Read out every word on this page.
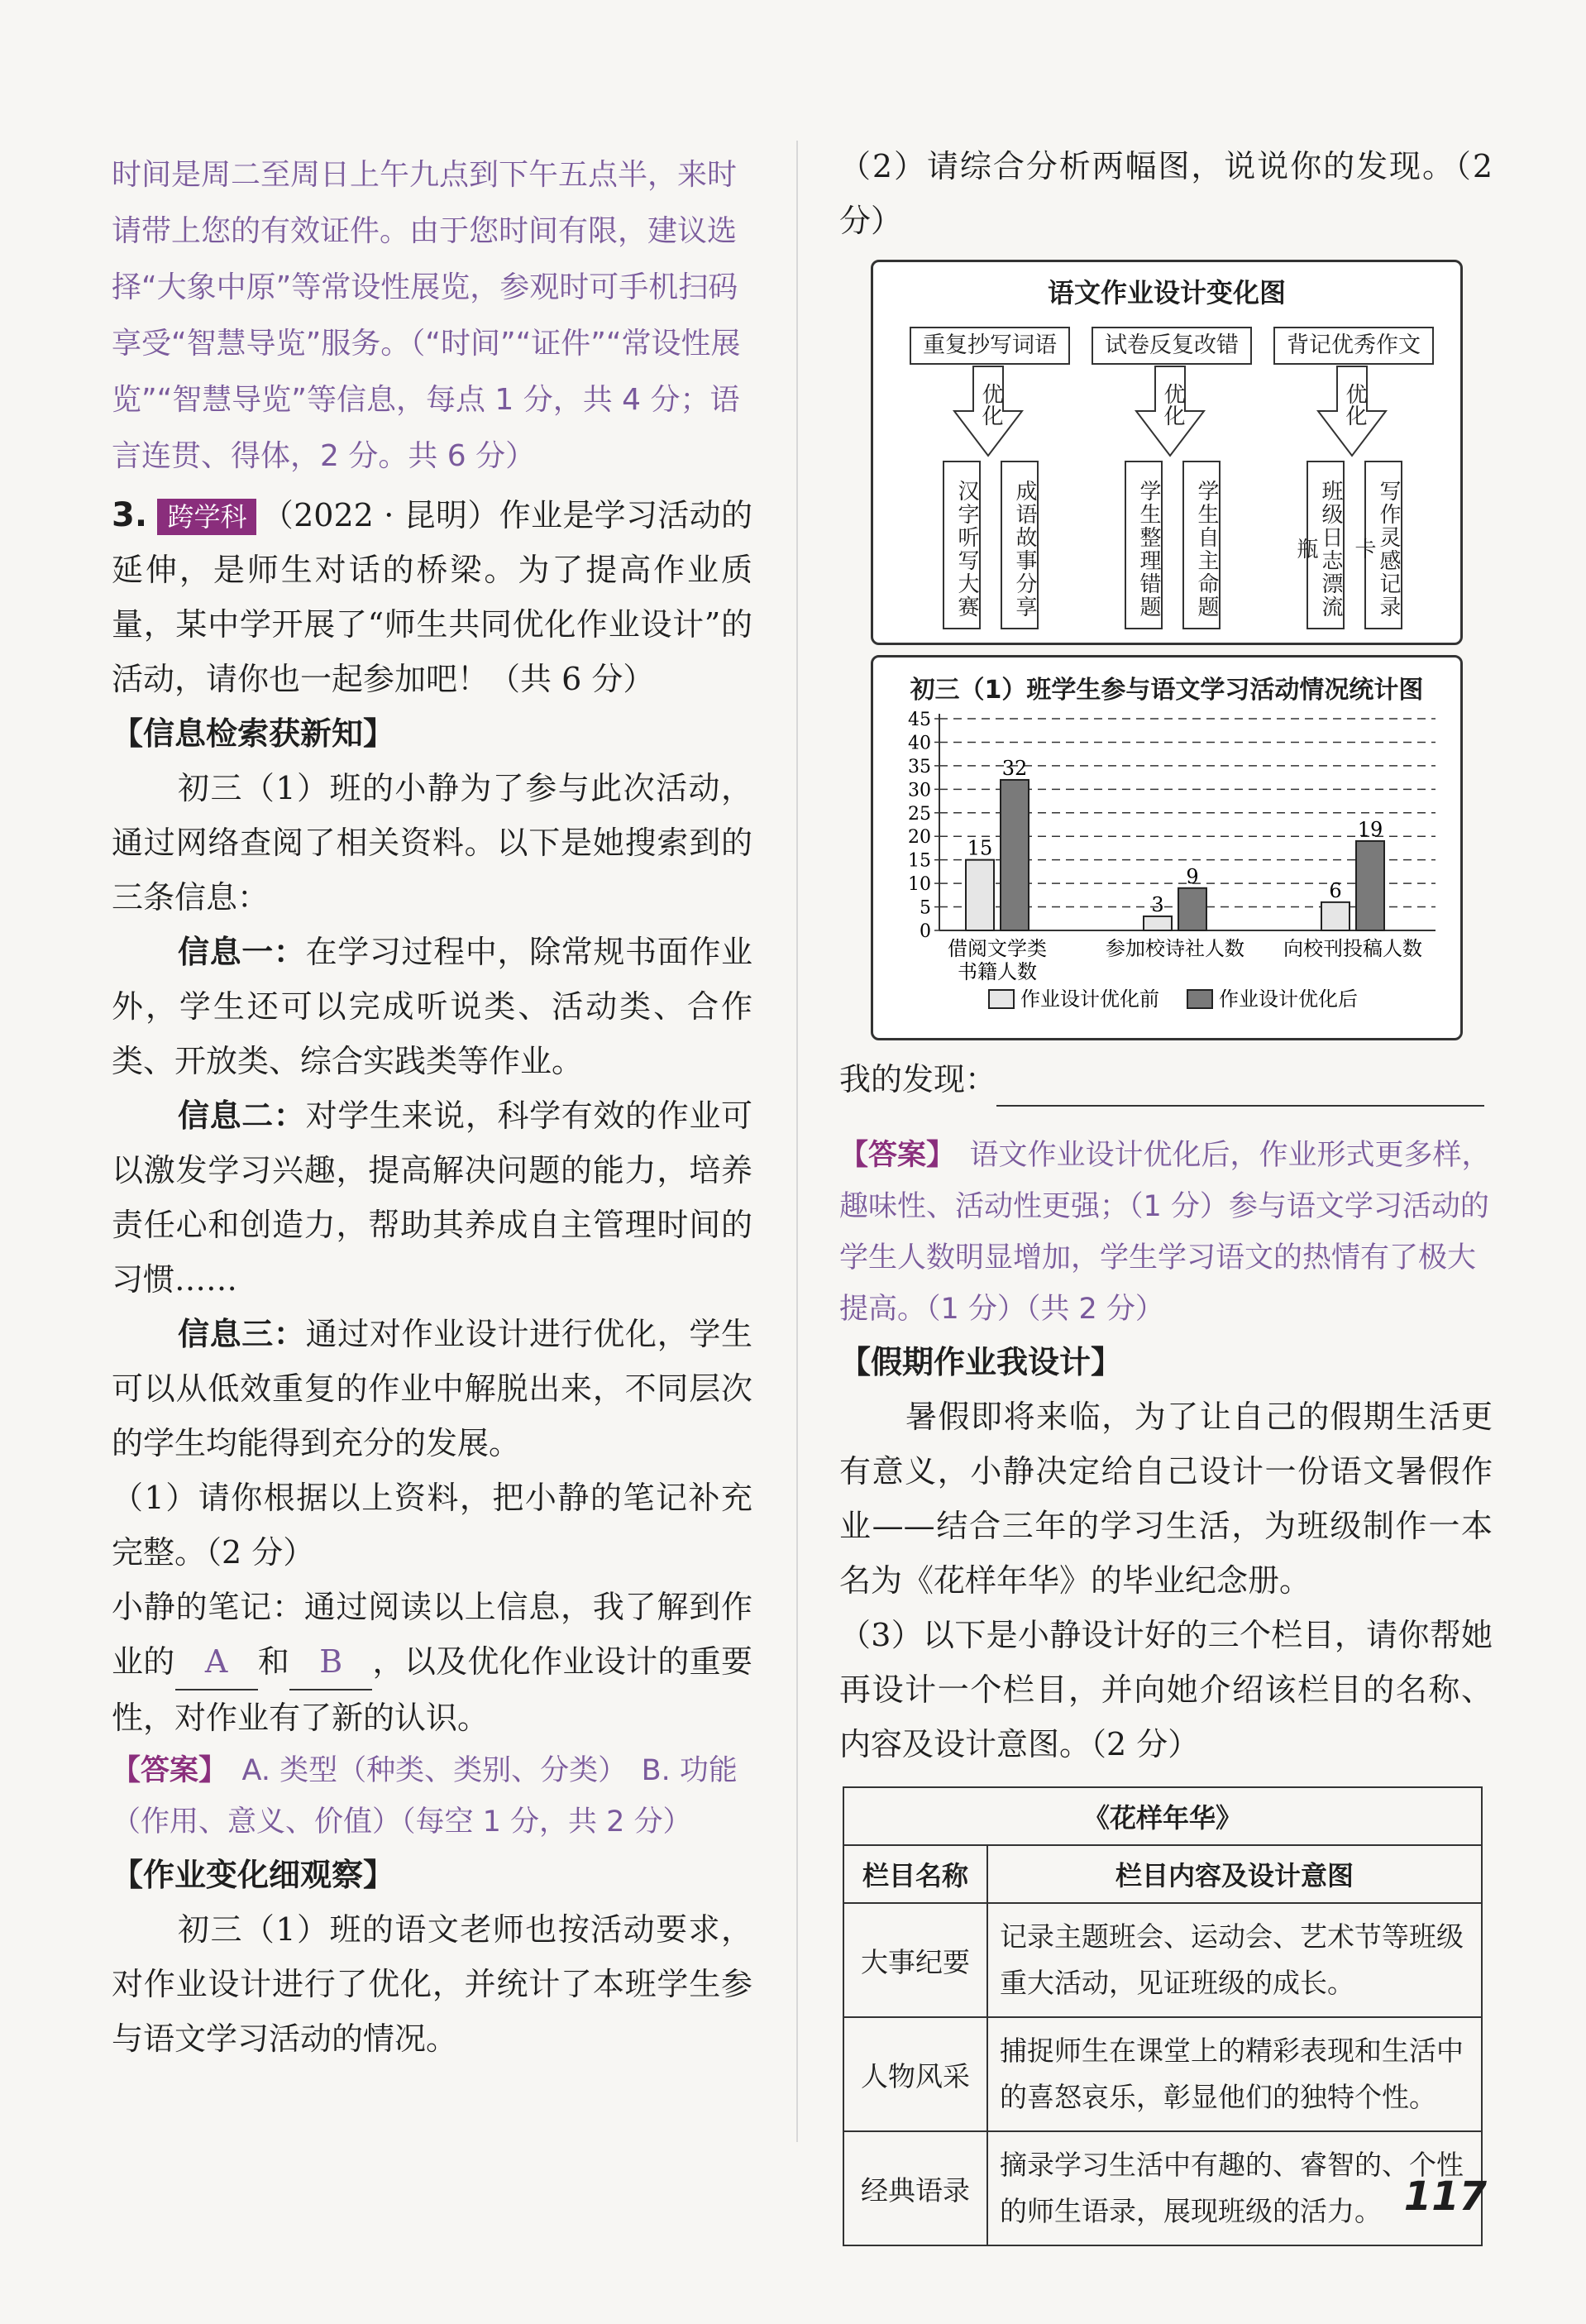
时间是周二至周日上午九点到下午五点半，来时请带上您的有效证件。由于您时间有限，建议选择“大象中原”等常设性展览，参观时可手机扫码享受“智慧导览”服务。（“时间”“证件”“常设性展览”“智慧导览”等信息，每点 1 分，共 4 分；语言连贯、得体，2 分。共 6 分）

3. 跨学科 （2022 · 昆明）作业是学习活动的延伸，是师生对话的桥梁。为了提高作业质量，某中学开展了“师生共同优化作业设计”的活动，请你也一起参加吧！（共 6 分）

【信息检索获新知】

初三（1）班的小静为了参与此次活动，通过网络查阅了相关资料。以下是她搜索到的三条信息：

信息一：在学习过程中，除常规书面作业外，学生还可以完成听说类、活动类、合作类、开放类、综合实践类等作业。

信息二：对学生来说，科学有效的作业可以激发学习兴趣，提高解决问题的能力，培养责任心和创造力，帮助其养成自主管理时间的习惯……

信息三：通过对作业设计进行优化，学生可以从低效重复的作业中解脱出来，不同层次的学生均能得到充分的发展。

（1）请你根据以上资料，把小静的笔记补充完整。（2 分）

小静的笔记：通过阅读以上信息，我了解到作业的 A 和 B ，以及优化作业设计的重要性，对作业有了新的认识。

【答案】　 A. 类型（种类、类别、分类）　B. 功能（作用、意义、价值）（每空 1 分，共 2 分）

【作业变化细观察】

初三（1）班的语文老师也按活动要求，对作业设计进行了优化，并统计了本班学生参与语文学习活动的情况。

（2）请综合分析两幅图，说说你的发现。（2 分）

语文作业设计变化图
重复抄写词语	试卷反复改错	背记优秀作文
优化	优化	优化
汉字听写大赛	成语故事分享	学生整理错题	学生自主命题	班级日志漂流瓶	写作灵感记录卡
初三（1）班学生参与语文学习活动情况统计图
0
5
10
15
20
25
30
35
40
45
15
32
借阅文学类
书籍人数
3
9
参加校诗社人数
6
19
向校刊投稿人数
作业设计优化前	作业设计优化后

我的发现：

【答案】　 语文作业设计优化后，作业形式更多样，趣味性、活动性更强；（1 分）参与语文学习活动的学生人数明显增加，学生学习语文的热情有了极大提高。（1 分）（共 2 分）

【假期作业我设计】

暑假即将来临，为了让自己的假期生活更有意义，小静决定给自己设计一份语文暑假作业——结合三年的学习生活，为班级制作一本名为《花样年华》的毕业纪念册。

（3）以下是小静设计好的三个栏目，请你帮她再设计一个栏目，并向她介绍该栏目的名称、内容及设计意图。（2 分）

《花样年华》	
栏目名称	栏目内容及设计意图
大事纪要	记录主题班会、运动会、艺术节等班级重大活动，见证班级的成长。
人物风采	捕捉师生在课堂上的精彩表现和生活中的喜怒哀乐，彰显他们的独特个性。
经典语录	摘录学习生活中有趣的、睿智的、个性的师生语录，展现班级的活力。 117
